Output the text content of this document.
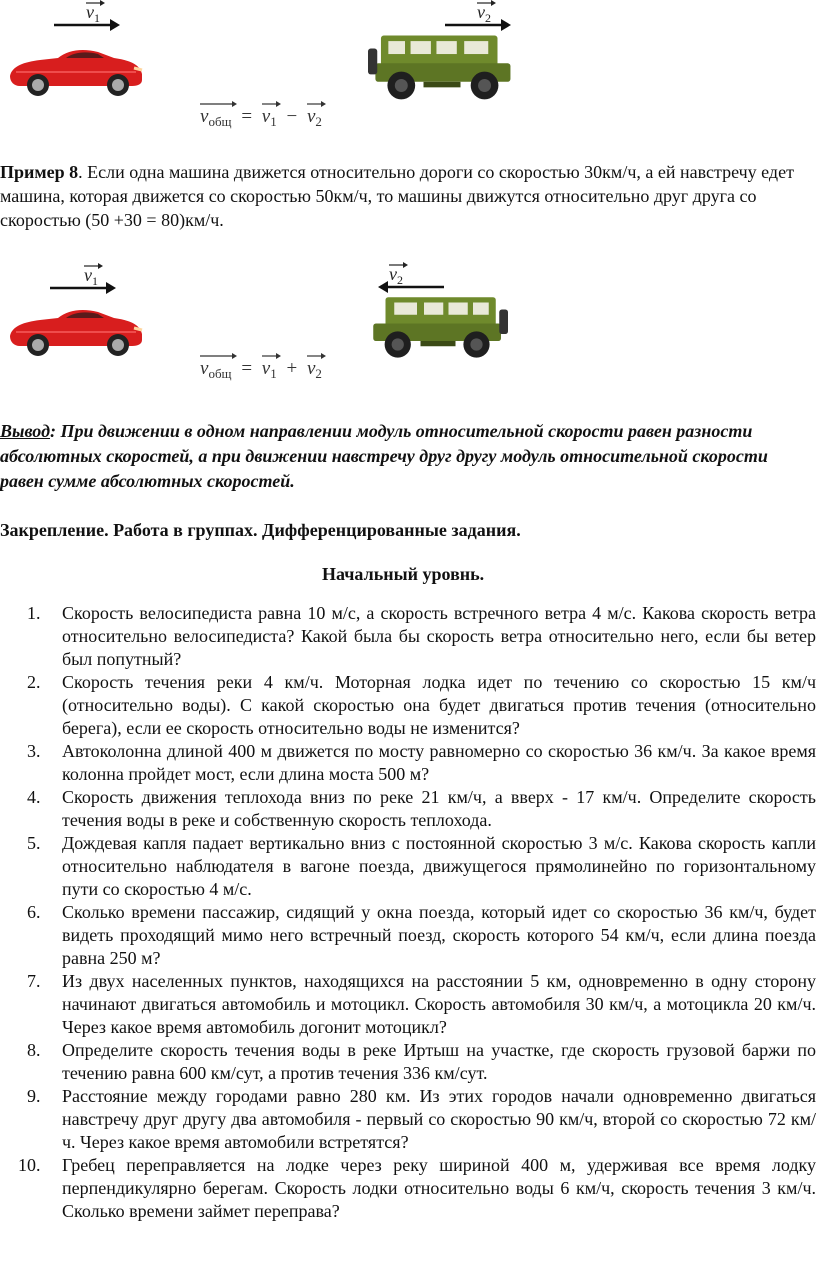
$v_1$	$v_2$
$v_{общ} = v_1 - v_2$
Пример 8. Если одна машина движется относительно дороги со скоростью 30км/ч, а ей навстречу едет машина, которая движется со скоростью 50км/ч, то машины движутся относительно друг друга со скоростью (50 +30 = 80)км/ч.
$v_1$	$v_2$
$v_{общ} = v_1 + v_2$
Вывод: При движении в одном направлении модуль относительной скорости равен разности абсолютных скоростей, а при движении навстречу друг другу модуль относительной скорости равен сумме абсолютных скоростей.
Закрепление. Работа в группах. Дифференцированные задания.
Начальный уровнь.
1. Скорость велосипедиста равна 10 м/с, а скорость встречного ветра 4 м/с. Какова скорость ветра относительно велосипедиста? Какой была бы скорость ветра относительно него, если бы ветер был попутный?
2. Скорость течения реки 4 км/ч. Моторная лодка идет по течению со скоростью 15 км/ч (относительно воды). С какой скоростью она будет двигаться против течения (относительно берега), если ее скорость относительно воды не изменится?
3. Автоколонна длиной 400 м движется по мосту равномерно со скоростью 36 км/ч. За какое время колонна пройдет мост, если длина моста 500 м?
4. Скорость движения теплохода вниз по реке 21 км/ч, а вверх - 17 км/ч. Определите скорость течения воды в реке и собственную скорость теплохода.
5. Дождевая капля падает вертикально вниз с постоянной скоростью 3 м/с. Какова скорость капли относительно наблюдателя в вагоне поезда, движущегося прямолинейно по горизонтальному пути со скоростью 4 м/с.
6. Сколько времени пассажир, сидящий у окна поезда, который идет со скоростью 36 км/ч, будет видеть проходящий мимо него встречный поезд, скорость которого 54 км/ч, если длина поезда равна 250 м?
7. Из двух населенных пунктов, находящихся на расстоянии 5 км, одновременно в одну сторону начинают двигаться автомобиль и мотоцикл. Скорость автомобиля 30 км/ч, а мотоцикла 20 км/ч. Через какое время автомобиль догонит мотоцикл?
8. Определите скорость течения воды в реке Иртыш на участке, где скорость грузовой баржи по течению равна 600 км/сут, а против течения 336 км/сут.
9. Расстояние между городами равно 280 км. Из этих городов начали одновременно двигаться навстречу друг другу два автомобиля - первый со скоростью 90 км/ч, второй со скоростью 72 км/ч. Через какое время автомобили встретятся?
10. Гребец переправляется на лодке через реку шириной 400 м, удерживая все время лодку перпендикулярно берегам. Скорость лодки относительно воды 6 км/ч, скорость течения 3 км/ч. Сколько времени займет переправа?
